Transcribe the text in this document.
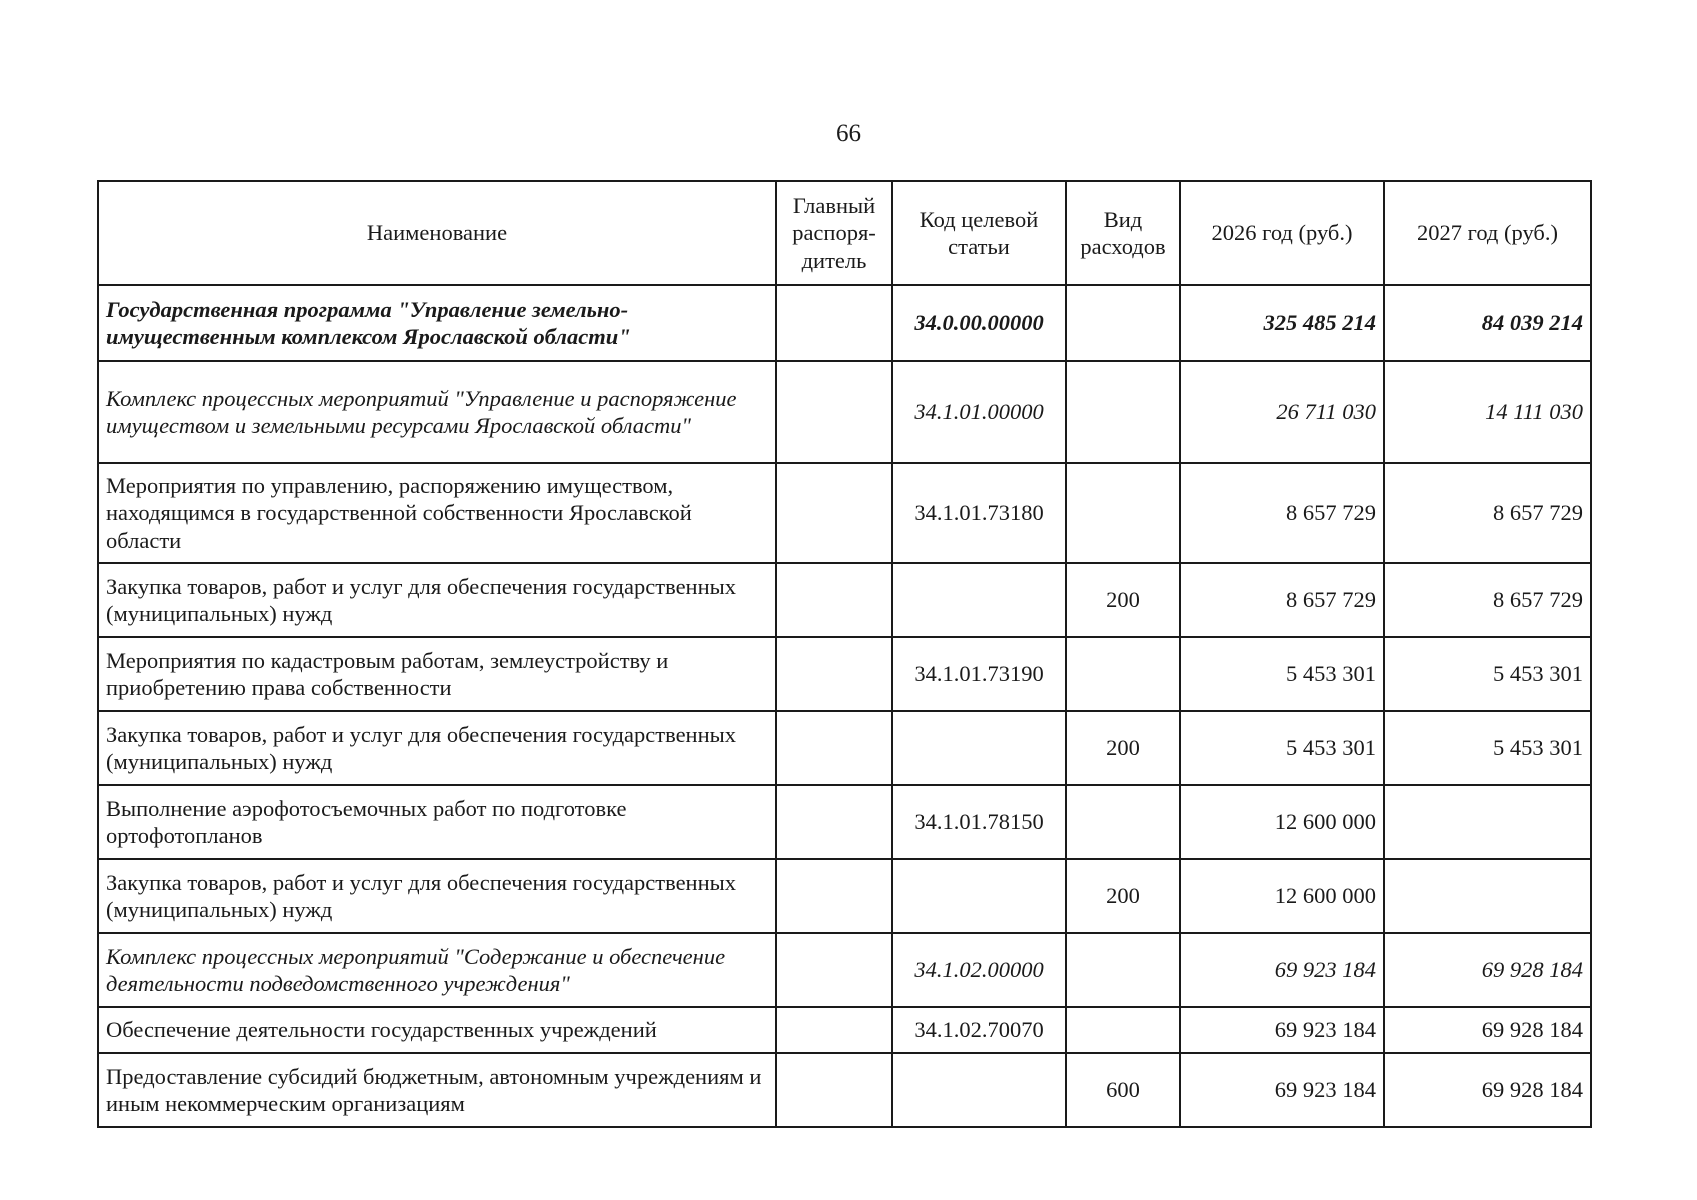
66
Наименование	Главный распоря-дитель	Код целевой статьи	Вид расходов	2026 год (руб.)	2027 год (руб.)
Государственная программа "Управление земельно-имущественным комплексом Ярославской области"		34.0.00.00000		325 485 214	84 039 214
Комплекс процессных мероприятий "Управление и распоряжение имуществом и земельными ресурсами Ярославской области"		34.1.01.00000		26 711 030	14 111 030
Мероприятия по управлению, распоряжению имуществом, находящимся в государственной собственности Ярославской области		34.1.01.73180		8 657 729	8 657 729
Закупка товаров, работ и услуг для обеспечения государственных (муниципальных) нужд			200	8 657 729	8 657 729
Мероприятия по кадастровым работам, землеустройству и приобретению права собственности		34.1.01.73190		5 453 301	5 453 301
Закупка товаров, работ и услуг для обеспечения государственных (муниципальных) нужд			200	5 453 301	5 453 301
Выполнение аэрофотосъемочных работ по подготовке ортофотопланов		34.1.01.78150		12 600 000	
Закупка товаров, работ и услуг для обеспечения государственных (муниципальных) нужд			200	12 600 000	
Комплекс процессных мероприятий "Содержание и обеспечение деятельности подведомственного учреждения"		34.1.02.00000		69 923 184	69 928 184
Обеспечение деятельности государственных учреждений		34.1.02.70070		69 923 184	69 928 184
Предоставление субсидий бюджетным, автономным учреждениям и иным некоммерческим организациям			600	69 923 184	69 928 184
